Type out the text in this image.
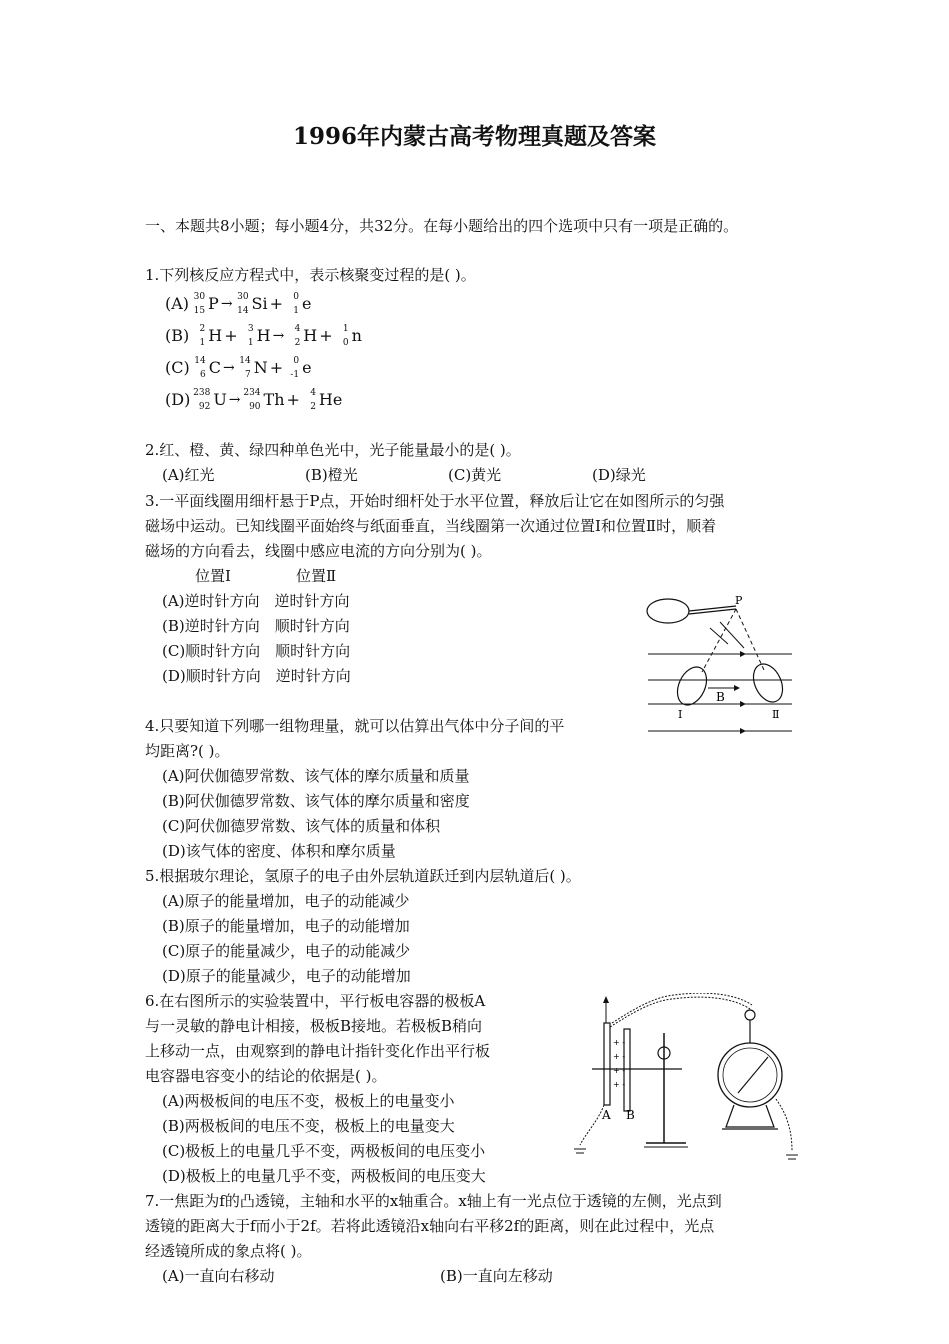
1996年内蒙古高考物理真题及答案
一、本题共8小题；每小题4分，共32分。在每小题给出的四个选项中只有一项是正确的。
1.下列核反应方程式中，表示核聚变过程的是( )。
(A) 30
15 P → 30
14 Si + 0
1 e
(B) 2
1 H + 3
1 H → 4
2 H + 1
0 n
(C) 14
6 C → 14
7 N + 0
-1 e
(D) 238
92 U → 234
90 Th + 4
2 He
2.红、橙、黄、绿四种单色光中，光子能量最小的是( )。
(A)红光	(B)橙光	(C)黄光	(D)绿光
3.一平面线圈用细杆悬于P点，开始时细杆处于水平位置，释放后让它在如图所示的匀强
磁场中运动。已知线圈平面始终与纸面垂直，当线圈第一次通过位置Ⅰ和位置Ⅱ时，顺着
磁场的方向看去，线圈中感应电流的方向分别为( )。
位置Ⅰ	位置Ⅱ
(A)逆时针方向　逆时针方向
(B)逆时针方向　顺时针方向
(C)顺时针方向　顺时针方向
(D)顺时针方向　逆时针方向
P
B
Ⅰ	Ⅱ
4.只要知道下列哪一组物理量，就可以估算出气体中分子间的平
均距离?( )。
(A)阿伏伽德罗常数、该气体的摩尔质量和质量
(B)阿伏伽德罗常数、该气体的摩尔质量和密度
(C)阿伏伽德罗常数、该气体的质量和体积
(D)该气体的密度、体积和摩尔质量
5.根据玻尔理论，氢原子的电子由外层轨道跃迁到内层轨道后( )。
(A)原子的能量增加，电子的动能减少
(B)原子的能量增加，电子的动能增加
(C)原子的能量减少，电子的动能减少
(D)原子的能量减少，电子的动能增加
6.在右图所示的实验装置中，平行板电容器的极板A
与一灵敏的静电计相接，极板B接地。若极板B稍向
上移动一点，由观察到的静电计指针变化作出平行板
电容器电容变小的结论的依据是( )。
(A)两极板间的电压不变，极板上的电量变小
(B)两极板间的电压不变，极板上的电量变大
(C)极板上的电量几乎不变，两极板间的电压变小
(D)极板上的电量几乎不变，两极板间的电压变大
+ -
+ -
+ -
+ -
A B
7.一焦距为f的凸透镜，主轴和水平的x轴重合。x轴上有一光点位于透镜的左侧，光点到
透镜的距离大于f而小于2f。若将此透镜沿x轴向右平移2f的距离，则在此过程中，光点
经透镜所成的象点将( )。
(A)一直向右移动	(B)一直向左移动
